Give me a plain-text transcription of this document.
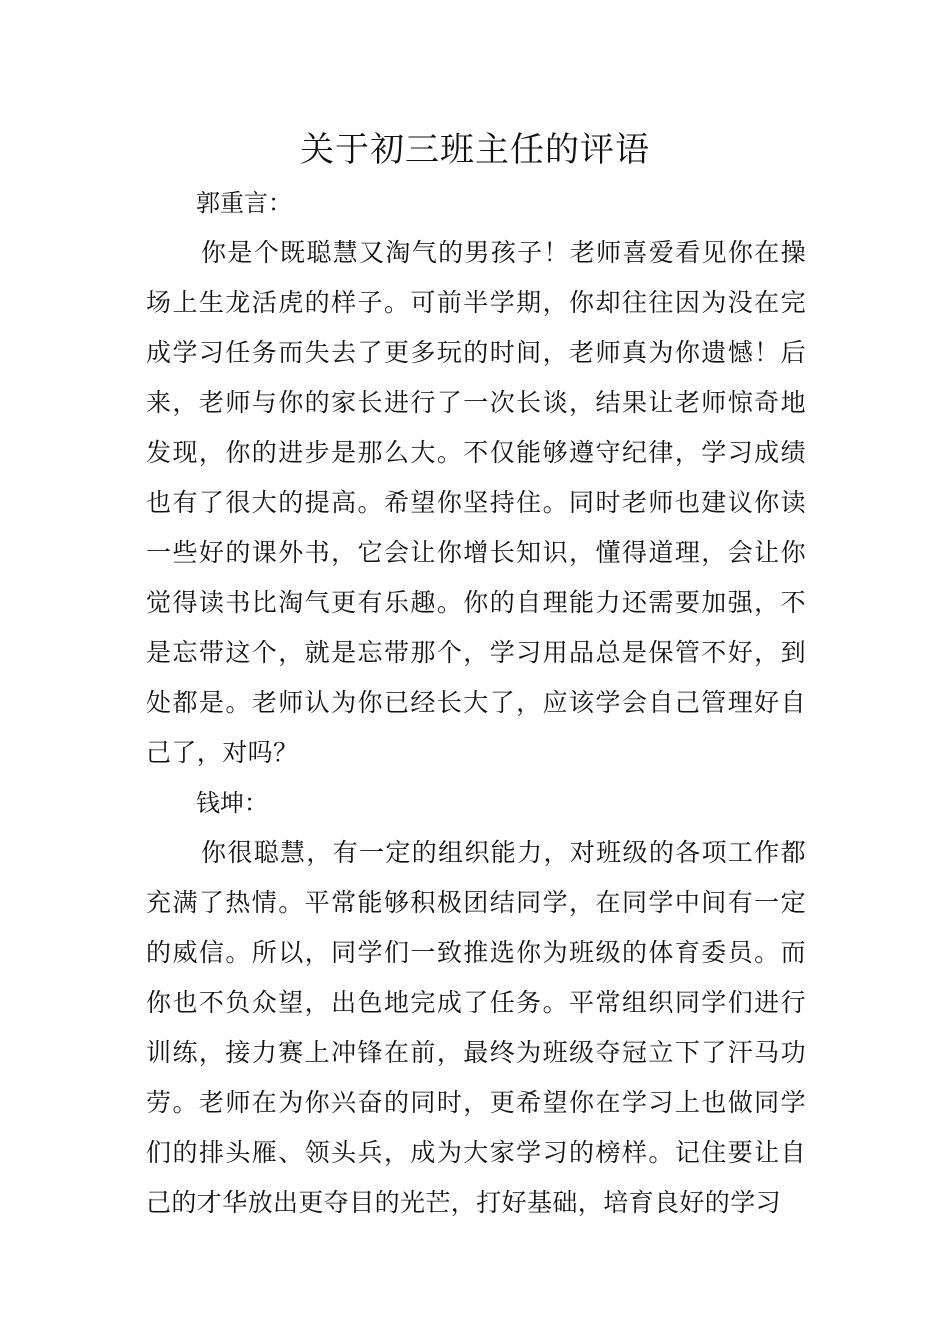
关于初三班主任的评语

郭重言：

你是个既聪慧又淘气的男孩子！老师喜爱看见你在操场上生龙活虎的样子。可前半学期，你却往往因为没在完成学习任务而失去了更多玩的时间，老师真为你遗憾！后来，老师与你的家长进行了一次长谈，结果让老师惊奇地发现，你的进步是那么大。不仅能够遵守纪律，学习成绩也有了很大的提高。希望你坚持住。同时老师也建议你读一些好的课外书，它会让你增长知识，懂得道理，会让你觉得读书比淘气更有乐趣。你的自理能力还需要加强，不是忘带这个，就是忘带那个，学习用品总是保管不好，到处都是。老师认为你已经长大了，应该学会自己管理好自己了，对吗？

钱坤：

你很聪慧，有一定的组织能力，对班级的各项工作都充满了热情。平常能够积极团结同学，在同学中间有一定的威信。所以，同学们一致推选你为班级的体育委员。而你也不负众望，出色地完成了任务。平常组织同学们进行训练，接力赛上冲锋在前，最终为班级夺冠立下了汗马功劳。老师在为你兴奋的同时，更希望你在学习上也做同学们的排头雁、领头兵，成为大家学习的榜样。记住要让自己的才华放出更夺目的光芒，打好基础，培育良好的学习
